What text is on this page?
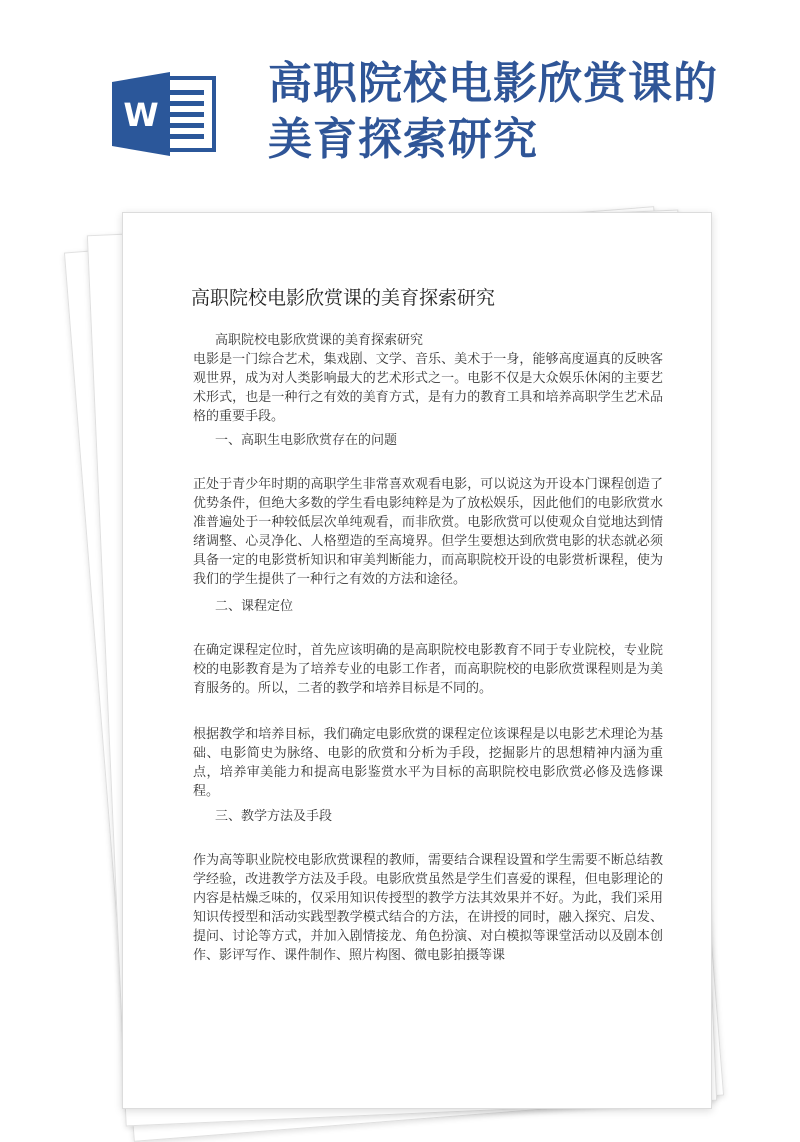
W
高职院校电影欣赏课的
美育探索研究
高职院校电影欣赏课的美育探索研究
高职院校电影欣赏课的美育探索研究
电影是一门综合艺术，集戏剧、文学、音乐、美术于一身，能够高度逼真的反映客观世界，成为对人类影响最大的艺术形式之一。电影不仅是大众娱乐休闲的主要艺术形式，也是一种行之有效的美育方式，是有力的教育工具和培养高职学生艺术品格的重要手段。
一、高职生电影欣赏存在的问题
正处于青少年时期的高职学生非常喜欢观看电影，可以说这为开设本门课程创造了优势条件，但绝大多数的学生看电影纯粹是为了放松娱乐，因此他们的电影欣赏水准普遍处于一种较低层次单纯观看，而非欣赏。电影欣赏可以使观众自觉地达到情绪调整、心灵净化、人格塑造的至高境界。但学生要想达到欣赏电影的状态就必须具备一定的电影赏析知识和审美判断能力，而高职院校开设的电影赏析课程，使为我们的学生提供了一种行之有效的方法和途径。
二、课程定位
在确定课程定位时，首先应该明确的是高职院校电影教育不同于专业院校，专业院校的电影教育是为了培养专业的电影工作者，而高职院校的电影欣赏课程则是为美育服务的。所以，二者的教学和培养目标是不同的。
根据教学和培养目标，我们确定电影欣赏的课程定位该课程是以电影艺术理论为基础、电影简史为脉络、电影的欣赏和分析为手段，挖掘影片的思想精神内涵为重点，培养审美能力和提高电影鉴赏水平为目标的高职院校电影欣赏必修及选修课程。
三、教学方法及手段
作为高等职业院校电影欣赏课程的教师，需要结合课程设置和学生需要不断总结教学经验，改进教学方法及手段。电影欣赏虽然是学生们喜爱的课程，但电影理论的内容是枯燥乏味的，仅采用知识传授型的教学方法其效果并不好。为此，我们采用知识传授型和活动实践型教学模式结合的方法，在讲授的同时，融入探究、启发、提问、讨论等方式，并加入剧情接龙、角色扮演、对白模拟等课堂活动以及剧本创作、影评写作、课件制作、照片构图、微电影拍摄等课
